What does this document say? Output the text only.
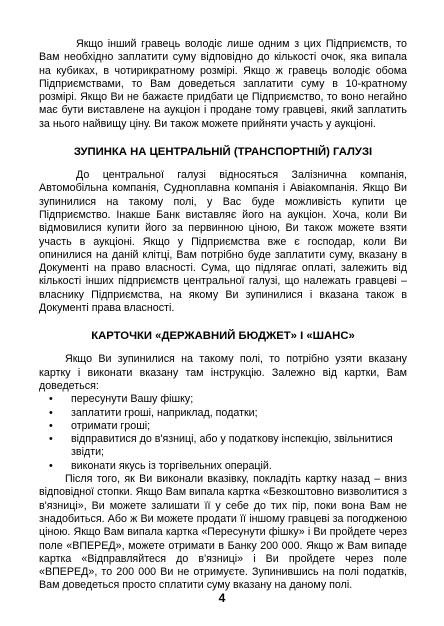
Якщо інший гравець володіє лише одним з цих Підприємств, то Вам необхідно заплатити суму відповідно до кількості очок, яка випала на кубиках, в чотирикратному розмірі. Якщо ж гравець володіє обома Підприємствами, то Вам доведеться заплатити суму в 10-кратному розмірі. Якщо Ви не бажаєте придбати це Підприємство, то воно негайно має бути виставлене на аукціон і продане тому гравцеві, який заплатить за нього найвищу ціну. Ви також можете прийняти участь у аукціоні.

ЗУПИНКА НА ЦЕНТРАЛЬНІЙ (ТРАНСПОРТНІЙ) ГАЛУЗІ

До центральної галузі відносяться Залізнична компанія, Автомобільна компанія, Судноплавна компанія і Авіакомпанія. Якщо Ви зупинилися на такому полі, у Вас буде можливість купити це Підприємство. Інакше Банк виставляє його на аукціон. Хоча, коли Ви відмовилися купити його за первинною ціною, Ви також можете взяти участь в аукціоні. Якщо у Підприємства вже є господар, коли Ви опинилися на даній клітці, Вам потрібно буде заплатити суму, вказану в Документі на право власності. Сума, що підлягає оплаті, залежить від кількості інших підприємств центральної галузі, що належать гравцеві – власнику Підприємства, на якому Ви зупинилися і вказана також в Документі права власності.

КАРТОЧКИ «ДЕРЖАВНИЙ БЮДЖЕТ» І «ШАНС»

Якщо Ви зупинилися на такому полі, то потрібно узяти вказану картку і виконати вказану там інструкцію. Залежно від картки, Вам доведеться:

• пересунути Вашу фішку;
• заплатити гроші, наприклад, податки;
• отримати гроші;
• відправитися до в'язниці, або у податкову інспекцію, звільнитися звідти;
• виконати якусь із торгівельних операцій.

Після того, як Ви виконали вказівку, покладіть картку назад – вниз відповідної стопки. Якщо Вам випала картка «Безкоштовно визволитися з в'язниці», Ви можете залишати її у себе до тих пір, поки вона Вам не знадобиться. Або ж Ви можете продати її іншому гравцеві за погодженою ціною. Якщо Вам випала картка «Пересунути фішку» і Ви пройдете через поле «ВПЕРЕД», можете отримати в Банку 200 000. Якщо ж Вам випаде картка «Відправляйтеся до в'язниці» і Ви пройдете через поле «ВПЕРЕД», то 200 000 Ви не отримуєте. Зупинившись на полі податків, Вам доведеться просто сплатити суму вказану на даному полі.

4
